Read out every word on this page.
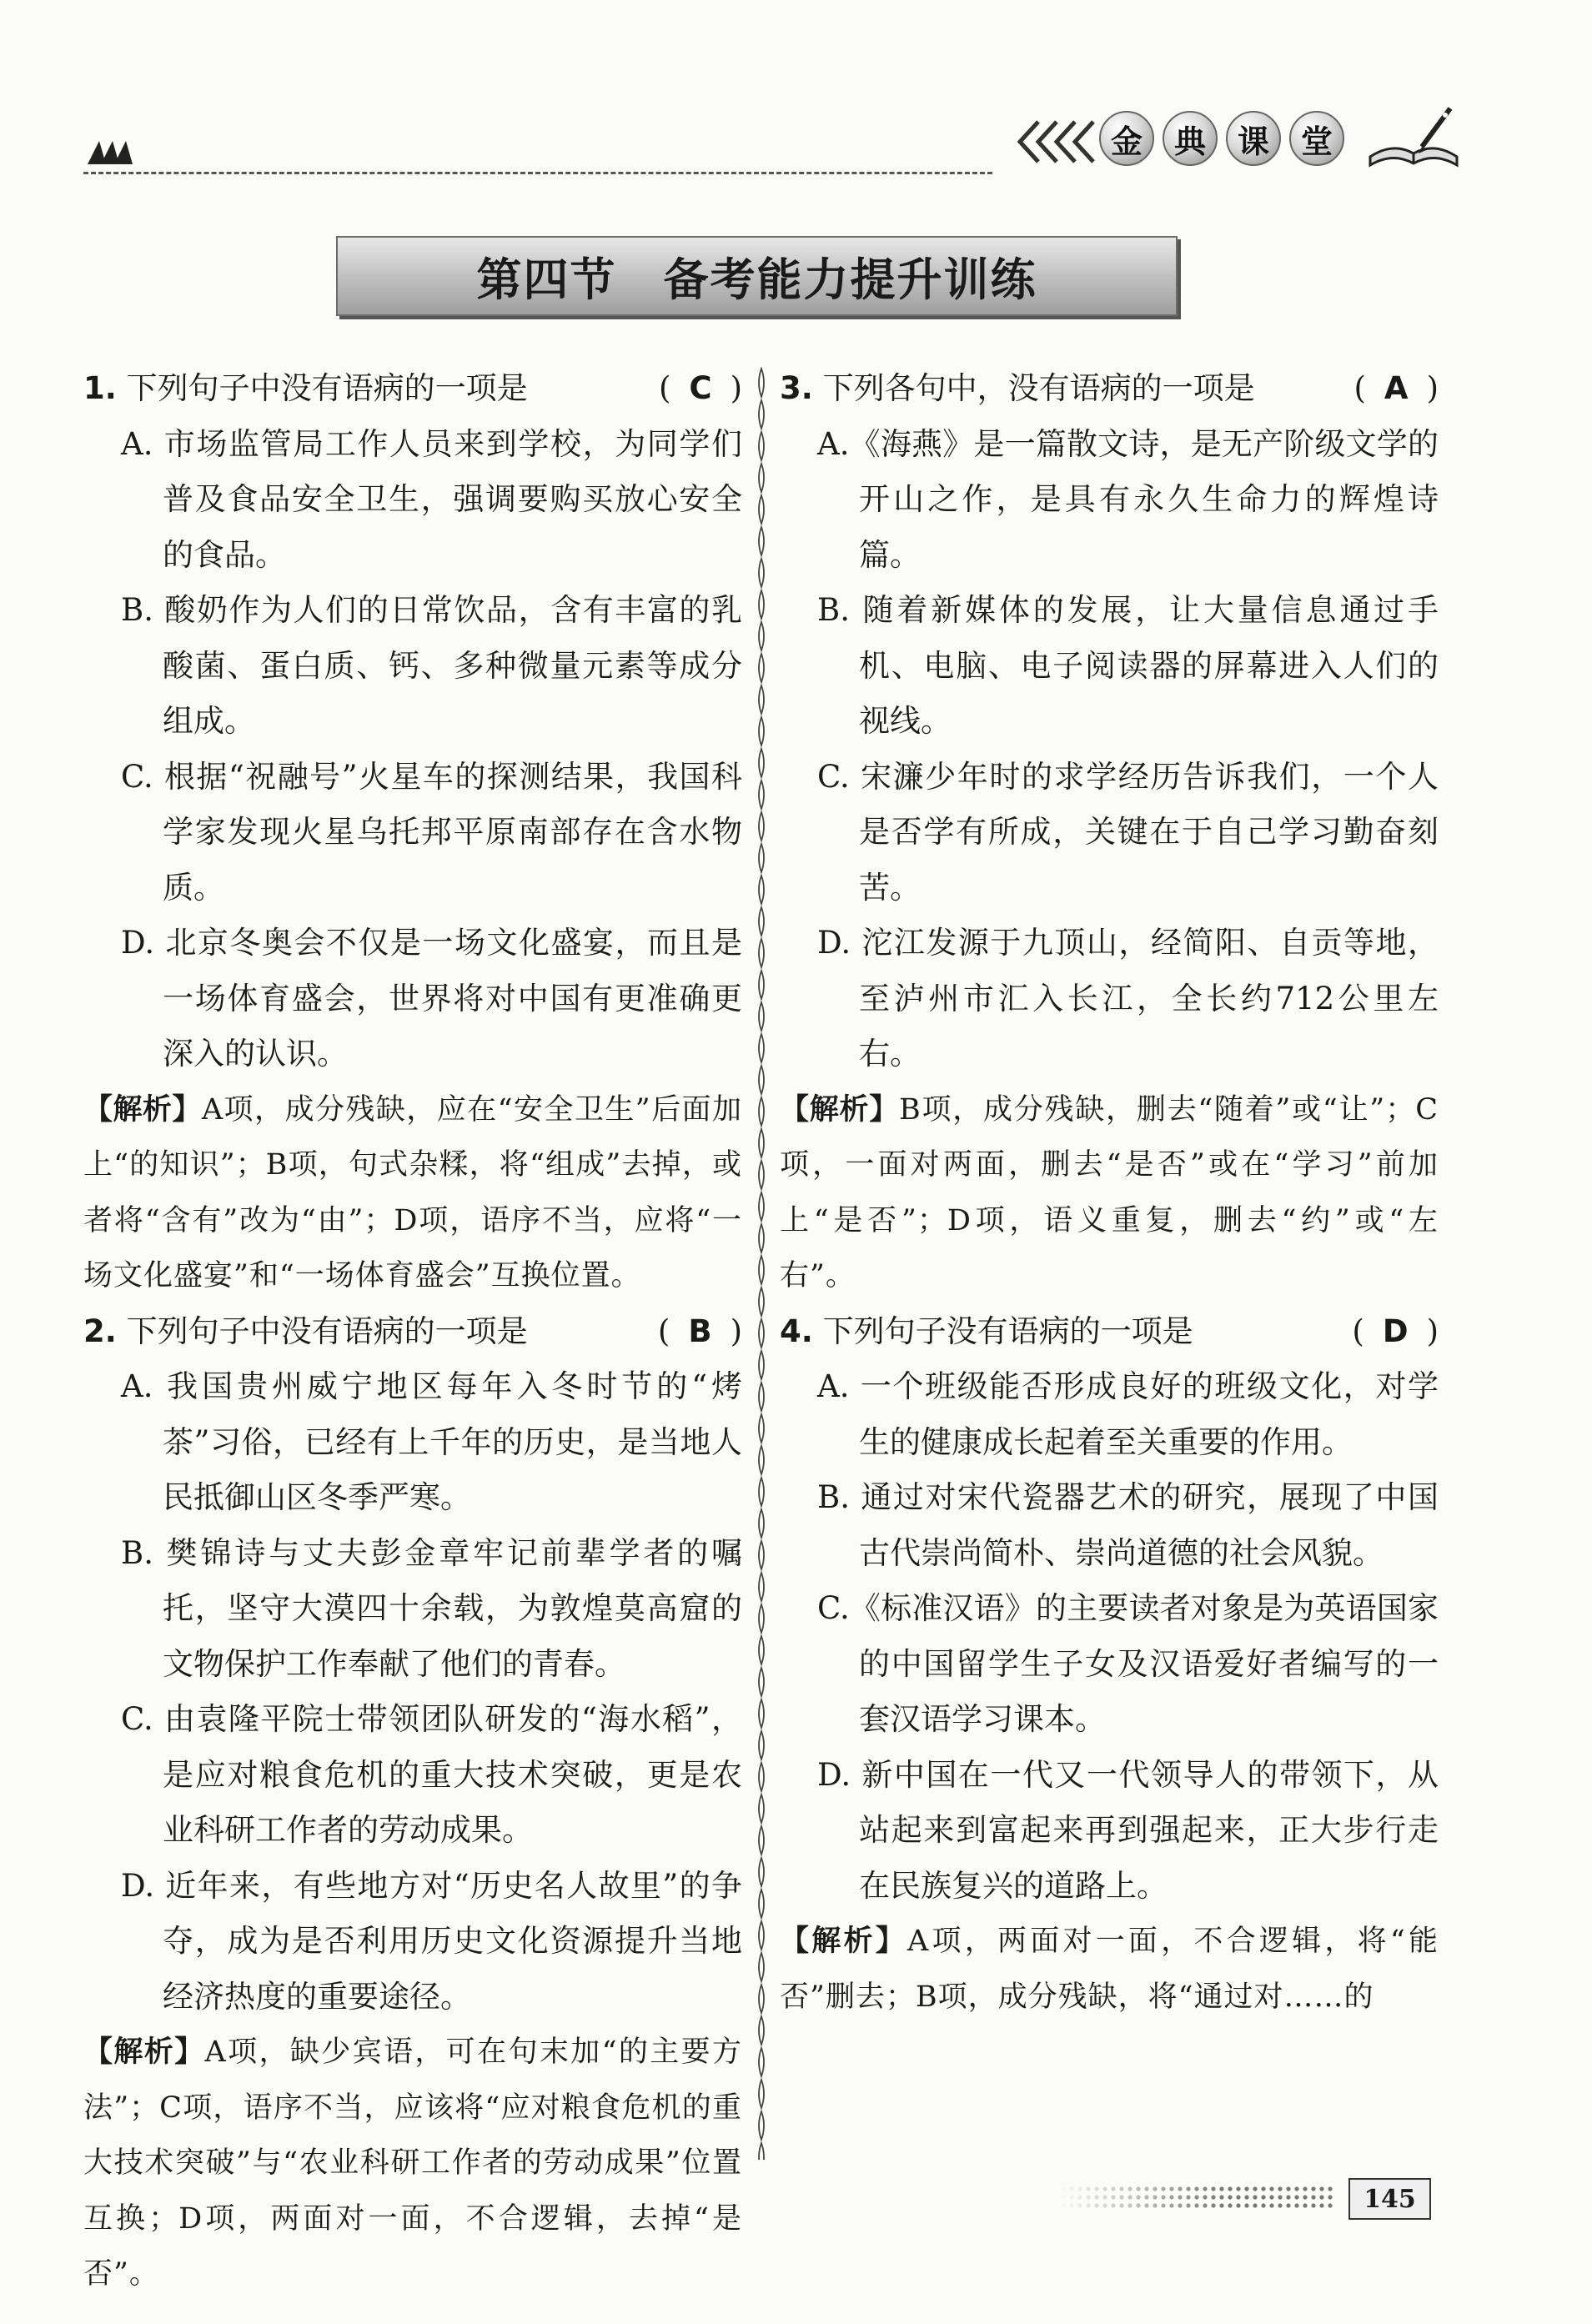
金 典 课 堂
第四节 备考能力提升训练
1. 下列句子中没有语病的一项是	( C )
A. 市场监管局工作人员来到学校，为同学们普及食品安全卫生，强调要购买放心安全的食品。
B. 酸奶作为人们的日常饮品，含有丰富的乳酸菌、蛋白质、钙、多种微量元素等成分组成。
C. 根据“祝融号”火星车的探测结果，我国科学家发现火星乌托邦平原南部存在含水物质。
D. 北京冬奥会不仅是一场文化盛宴，而且是一场体育盛会，世界将对中国有更准确更深入的认识。
【解析】A项，成分残缺，应在“安全卫生”后面加上“的知识”；B项，句式杂糅，将“组成”去掉，或者将“含有”改为“由”；D项，语序不当，应将“一场文化盛宴”和“一场体育盛会”互换位置。
2. 下列句子中没有语病的一项是	( B )
A. 我国贵州威宁地区每年入冬时节的“烤茶”习俗，已经有上千年的历史，是当地人民抵御山区冬季严寒。
B. 樊锦诗与丈夫彭金章牢记前辈学者的嘱托，坚守大漠四十余载，为敦煌莫高窟的文物保护工作奉献了他们的青春。
C. 由袁隆平院士带领团队研发的“海水稻”，是应对粮食危机的重大技术突破，更是农业科研工作者的劳动成果。
D. 近年来，有些地方对“历史名人故里”的争夺，成为是否利用历史文化资源提升当地经济热度的重要途径。
【解析】A项，缺少宾语，可在句末加“的主要方法”；C项，语序不当，应该将“应对粮食危机的重大技术突破”与“农业科研工作者的劳动成果”位置互换；D项，两面对一面，不合逻辑，去掉“是否”。
3. 下列各句中，没有语病的一项是	( A )
A.《海燕》是一篇散文诗，是无产阶级文学的开山之作，是具有永久生命力的辉煌诗篇。
B. 随着新媒体的发展，让大量信息通过手机、电脑、电子阅读器的屏幕进入人们的视线。
C. 宋濂少年时的求学经历告诉我们，一个人是否学有所成，关键在于自己学习勤奋刻苦。
D. 沱江发源于九顶山，经简阳、自贡等地，至泸州市汇入长江，全长约712公里左右。
【解析】B项，成分残缺，删去“随着”或“让”；C项，一面对两面，删去“是否”或在“学习”前加上“是否”；D项，语义重复，删去“约”或“左右”。
4. 下列句子没有语病的一项是	( D )
A. 一个班级能否形成良好的班级文化，对学生的健康成长起着至关重要的作用。
B. 通过对宋代瓷器艺术的研究，展现了中国古代崇尚简朴、崇尚道德的社会风貌。
C.《标准汉语》的主要读者对象是为英语国家的中国留学生子女及汉语爱好者编写的一套汉语学习课本。
D. 新中国在一代又一代领导人的带领下，从站起来到富起来再到强起来，正大步行走在民族复兴的道路上。
【解析】A项，两面对一面，不合逻辑，将“能否”删去；B项，成分残缺，将“通过对……的
145
